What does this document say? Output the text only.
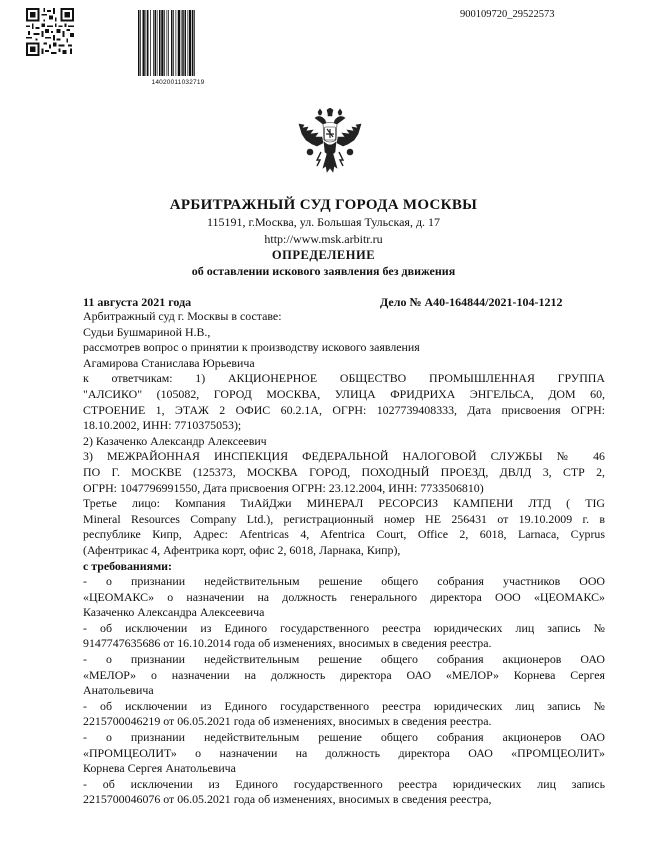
14020011032719
900109720_29522573
АРБИТРАЖНЫЙ СУД ГОРОДА МОСКВЫ
115191, г.Москва, ул. Большая Тульская, д. 17
http://www.msk.arbitr.ru
ОПРЕДЕЛЕНИЕ
об оставлении искового заявления без движения
11 августа 2021 года	Дело № А40-164844/2021-104-1212

Арбитражный суд г. Москвы в составе:

Судьи Бушмариной Н.В.,

рассмотрев вопрос о принятии к производству искового заявления

Агамирова Станислава Юрьевича

к ответчикам: 1) АКЦИОНЕРНОЕ ОБЩЕСТВО ПРОМЫШЛЕННАЯ ГРУППА

"АЛСИКО" (105082, ГОРОД МОСКВА, УЛИЦА ФРИДРИХА ЭНГЕЛЬСА, ДОМ 60,

СТРОЕНИЕ 1, ЭТАЖ 2 ОФИС 60.2.1А, ОГРН: 1027739408333, Дата присвоения ОГРН:

18.10.2002, ИНН: 7710375053);

2) Казаченко Александр Алексеевич

3) МЕЖРАЙОННАЯ ИНСПЕКЦИЯ ФЕДЕРАЛЬНОЙ НАЛОГОВОЙ СЛУЖБЫ № 46

ПО Г. МОСКВЕ (125373, МОСКВА ГОРОД, ПОХОДНЫЙ ПРОЕЗД, ДВЛД 3, СТР 2,

ОГРН: 1047796991550, Дата присвоения ОГРН: 23.12.2004, ИНН: 7733506810)

Третье лицо: Компания ТиАйДжи МИНЕРАЛ РЕСОРСИЗ КАМПЕНИ ЛТД ( TIG

Mineral Resources Company Ltd.), регистрационный номер НЕ 256431 от 19.10.2009 г. в

республике Кипр, Адрес: Afentricas 4, Afentrica Court, Office 2, 6018, Larnaca, Cyprus

(Афентрикас 4, Афентрика корт, офис 2, 6018, Ларнака, Кипр),

с требованиями:

- о признании недействительным решение общего собрания участников ООО

«ЦЕОМАКС» о назначении на должность генерального директора ООО «ЦЕОМАКС»

Казаченко Александра Алексеевича

- об исключении из Единого государственного реестра юридических лиц запись №

9147747635686 от 16.10.2014 года об изменениях, вносимых в сведения реестра.

- о признании недействительным решение общего собрания акционеров ОАО

«МЕЛОР» о назначении на должность директора ОАО «МЕЛОР» Корнева Сергея

Анатольевича

- об исключении из Единого государственного реестра юридических лиц запись №

2215700046219 от 06.05.2021 года об изменениях, вносимых в сведения реестра.

- о признании недействительным решение общего собрания акционеров ОАО

«ПРОМЦЕОЛИТ» о назначении на должность директора ОАО «ПРОМЦЕОЛИТ»

Корнева Сергея Анатольевича

- об исключении из Единого государственного реестра юридических лиц запись

2215700046076 от 06.05.2021 года об изменениях, вносимых в сведения реестра,
